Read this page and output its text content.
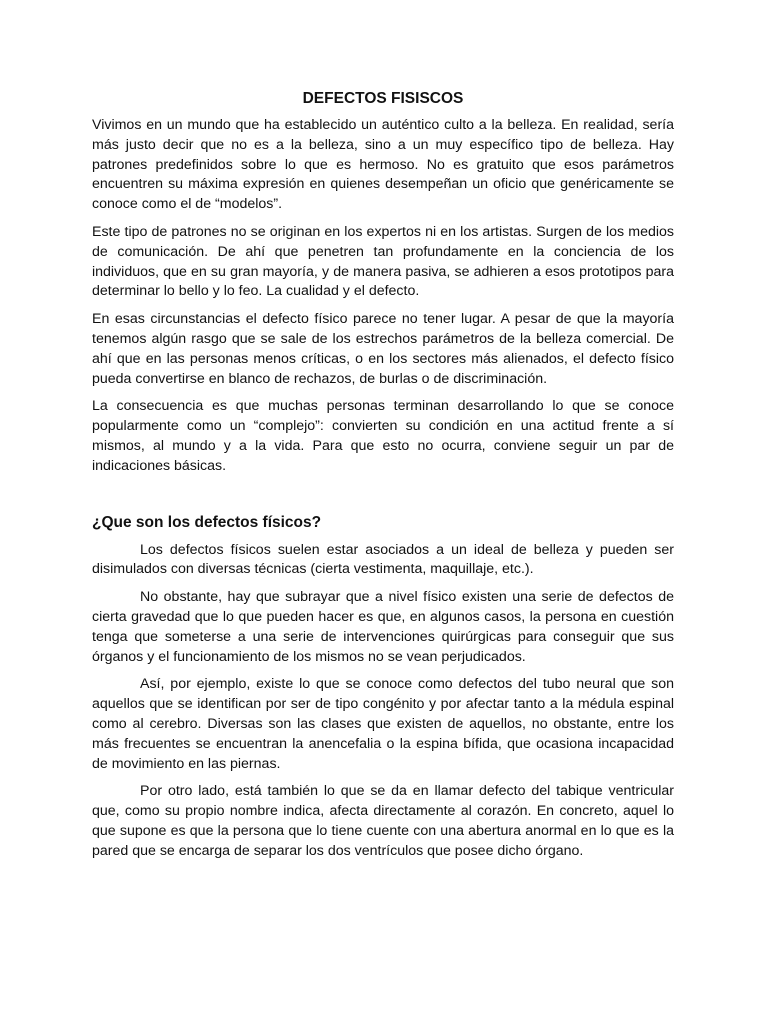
DEFECTOS FISISCOS

Vivimos en un mundo que ha establecido un auténtico culto a la belleza. En realidad, sería más justo decir que no es a la belleza, sino a un muy específico tipo de belleza. Hay patrones predefinidos sobre lo que es hermoso. No es gratuito que esos parámetros encuentren su máxima expresión en quienes desempeñan un oficio que genéricamente se conoce como el de “modelos”.

Este tipo de patrones no se originan en los expertos ni en los artistas. Surgen de los medios de comunicación. De ahí que penetren tan profundamente en la conciencia de los individuos, que en su gran mayoría, y de manera pasiva, se adhieren a esos prototipos para determinar lo bello y lo feo. La cualidad y el defecto.

En esas circunstancias el defecto físico parece no tener lugar. A pesar de que la mayoría tenemos algún rasgo que se sale de los estrechos parámetros de la belleza comercial. De ahí que en las personas menos críticas, o en los sectores más alienados, el defecto físico pueda convertirse en blanco de rechazos, de burlas o de discriminación.

La consecuencia es que muchas personas terminan desarrollando lo que se conoce popularmente como un “complejo”: convierten su condición en una actitud frente a sí mismos, al mundo y a la vida. Para que esto no ocurra, conviene seguir un par de indicaciones básicas.

¿Que son los defectos físicos?

Los defectos físicos suelen estar asociados a un ideal de belleza y pueden ser disimulados con diversas técnicas (cierta vestimenta, maquillaje, etc.).

No obstante, hay que subrayar que a nivel físico existen una serie de defectos de cierta gravedad que lo que pueden hacer es que, en algunos casos, la persona en cuestión tenga que someterse a una serie de intervenciones quirúrgicas para conseguir que sus órganos y el funcionamiento de los mismos no se vean perjudicados.

Así, por ejemplo, existe lo que se conoce como defectos del tubo neural que son aquellos que se identifican por ser de tipo congénito y por afectar tanto a la médula espinal como al cerebro. Diversas son las clases que existen de aquellos, no obstante, entre los más frecuentes se encuentran la anencefalia o la espina bífida, que ocasiona incapacidad de movimiento en las piernas.

Por otro lado, está también lo que se da en llamar defecto del tabique ventricular que, como su propio nombre indica, afecta directamente al corazón. En concreto, aquel lo que supone es que la persona que lo tiene cuente con una abertura anormal en lo que es la pared que se encarga de separar los dos ventrículos que posee dicho órgano.
